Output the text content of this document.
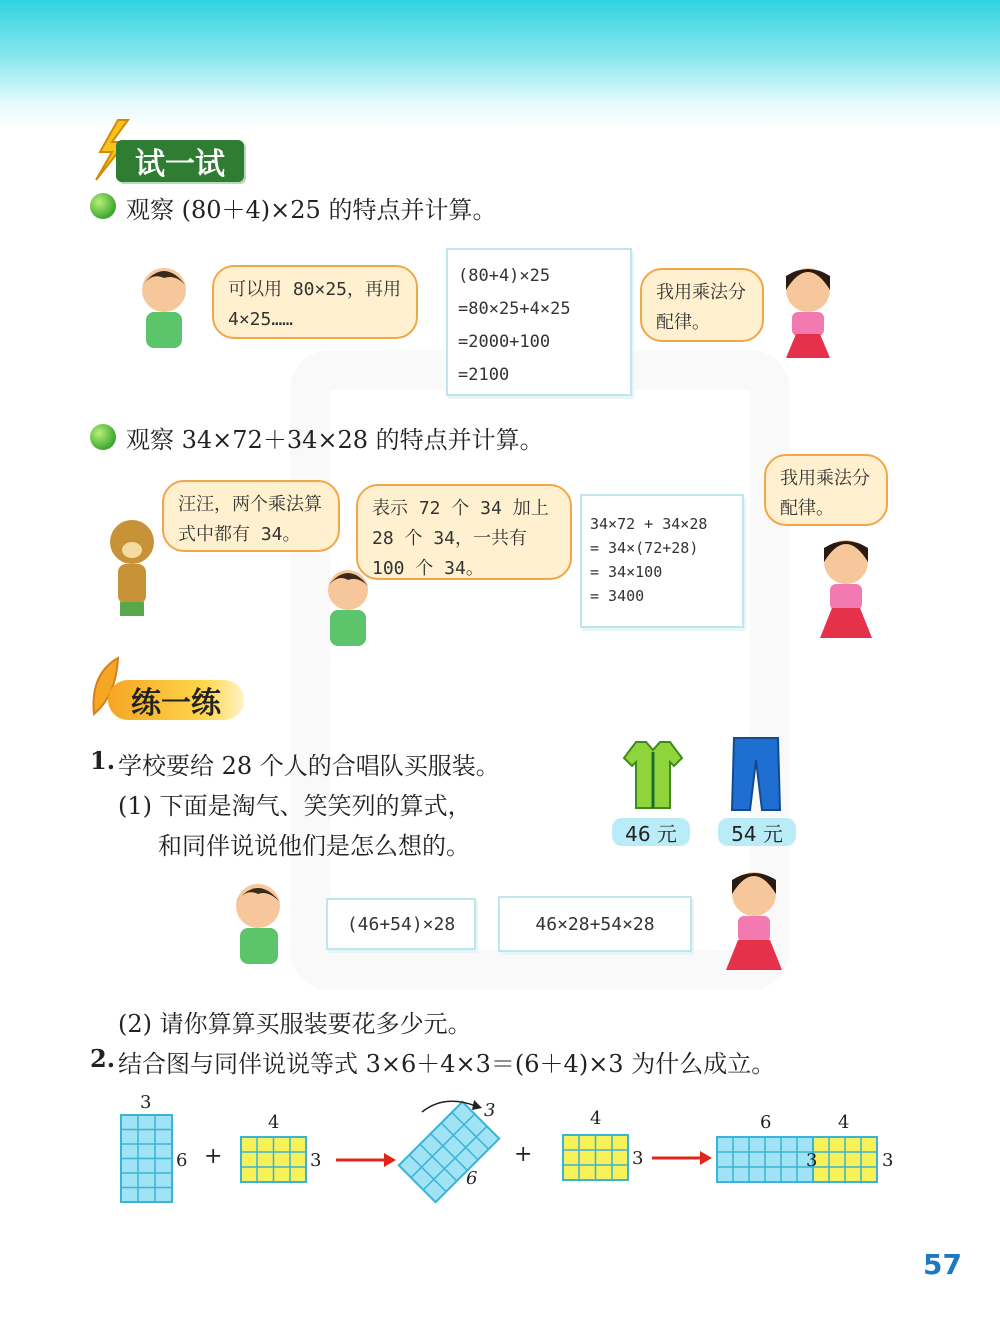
试一试
观察 (80＋4)×25 的特点并计算。
可以用 80×25，再用 4×25……
(80+4)×25
=80×25+4×25
=2000+100
=2100
我用乘法分配律。
观察 34×72＋34×28 的特点并计算。
汪汪，两个乘法算式中都有 34。
表示 72 个 34 加上 28 个 34，一共有 100 个 34。
34×72 + 34×28
= 34×(72+28)
= 34×100
= 3400
我用乘法分配律。
练一练
1. 学校要给 28 个人的合唱队买服装。
(1) 下面是淘气、笑笑列的算式，
和同伴说说他们是怎么想的。	46 元	54 元
(46+54)×28	46×28+54×28
(2) 请你算算买服装要花多少元。
2. 结合图与同伴说说等式 3×6＋4×3＝(6＋4)×3 为什么成立。
3
6 +
4
3
3
6
+
4
3
6	4
3	3
57
